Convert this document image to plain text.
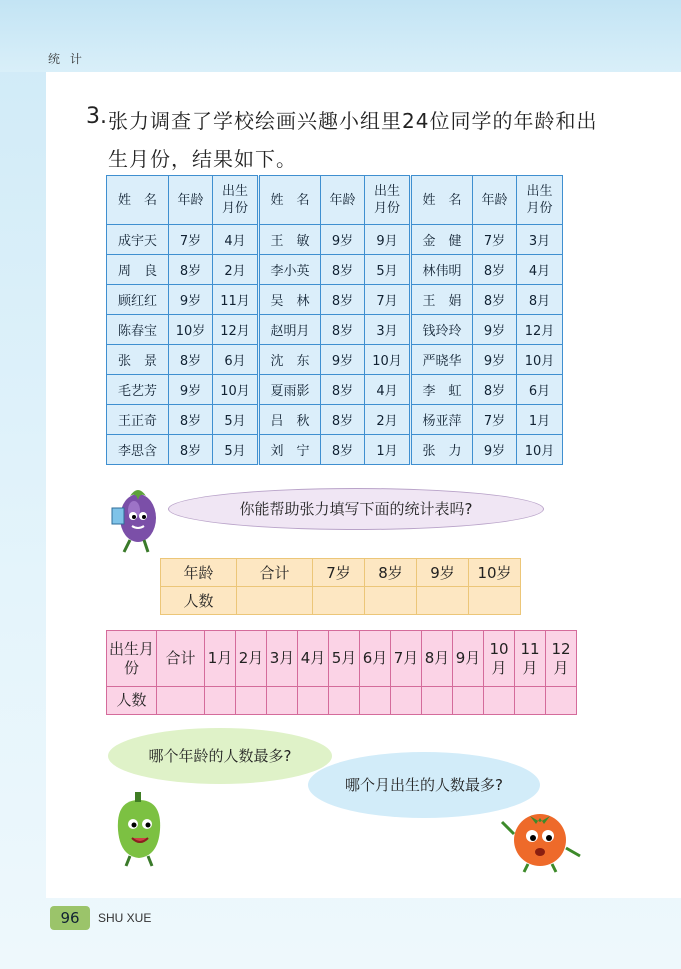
统 计
3. 张力调查了学校绘画兴趣小组里24位同学的年龄和出生月份，结果如下。
姓　名	年龄	出生月份	姓　名	年龄	出生月份	姓　名	年龄	出生月份
成宇天	7岁	4月	王　敏	9岁	9月	金　健	7岁	3月
周　良	8岁	2月	李小英	8岁	5月	林伟明	8岁	4月
顾红红	9岁	11月	吴　林	8岁	7月	王　娟	8岁	8月
陈春宝	10岁	12月	赵明月	8岁	3月	钱玲玲	9岁	12月
张　景	8岁	6月	沈　东	9岁	10月	严晓华	9岁	10月
毛艺芳	9岁	10月	夏雨影	8岁	4月	李　虹	8岁	6月
王正奇	8岁	5月	吕　秋	8岁	2月	杨亚萍	7岁	1月
李思含	8岁	5月	刘　宁	8岁	1月	张　力	9岁	10月
你能帮助张力填写下面的统计表吗?
年龄	合计	7岁	8岁	9岁	10岁
人数					
出生月份	合计	1月	2月	3月	4月	5月	6月	7月	8月	9月	10月	11月	12月
人数													
哪个年龄的人数最多?
哪个月出生的人数最多?
96	SHU XUE
